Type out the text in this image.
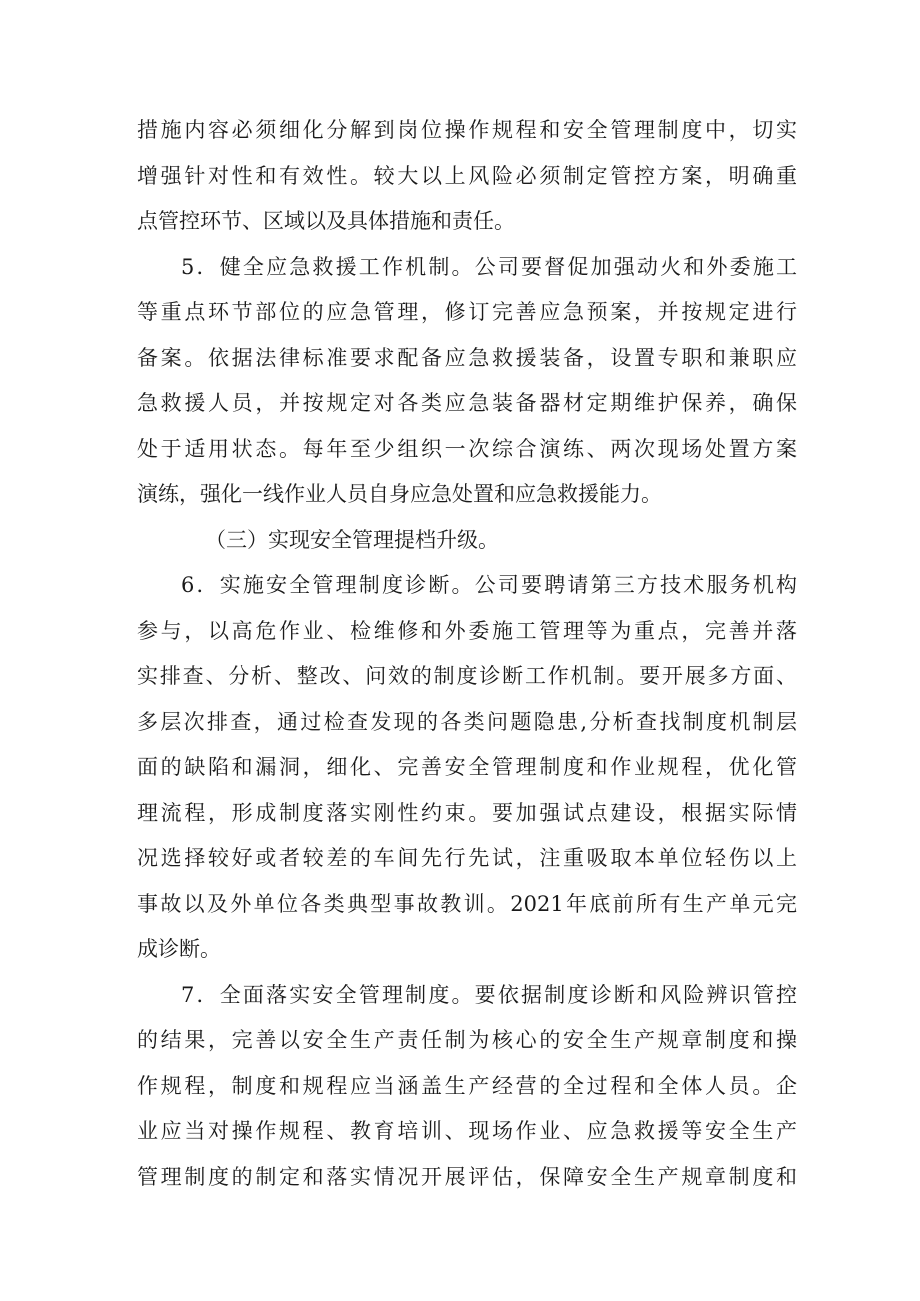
措施内容必须细化分解到岗位操作规程和安全管理制度中，切实
增强针对性和有效性。较大以上风险必须制定管控方案，明确重
点管控环节、区域以及具体措施和责任。
5．健全应急救援工作机制。公司要督促加强动火和外委施工
等重点环节部位的应急管理，修订完善应急预案，并按规定进行
备案。依据法律标准要求配备应急救援装备，设置专职和兼职应
急救援人员，并按规定对各类应急装备器材定期维护保养，确保
处于适用状态。每年至少组织一次综合演练、两次现场处置方案
演练，强化一线作业人员自身应急处置和应急救援能力。
（三）实现安全管理提档升级。
6．实施安全管理制度诊断。公司要聘请第三方技术服务机构
参与，以高危作业、检维修和外委施工管理等为重点，完善并落
实排查、分析、整改、问效的制度诊断工作机制。要开展多方面、
多层次排查，通过检查发现的各类问题隐患,分析查找制度机制层
面的缺陷和漏洞，细化、完善安全管理制度和作业规程，优化管
理流程，形成制度落实刚性约束。要加强试点建设，根据实际情
况选择较好或者较差的车间先行先试，注重吸取本单位轻伤以上
事故以及外单位各类典型事故教训。2021年底前所有生产单元完
成诊断。
7．全面落实安全管理制度。要依据制度诊断和风险辨识管控
的结果，完善以安全生产责任制为核心的安全生产规章制度和操
作规程，制度和规程应当涵盖生产经营的全过程和全体人员。企
业应当对操作规程、教育培训、现场作业、应急救援等安全生产
管理制度的制定和落实情况开展评估，保障安全生产规章制度和
